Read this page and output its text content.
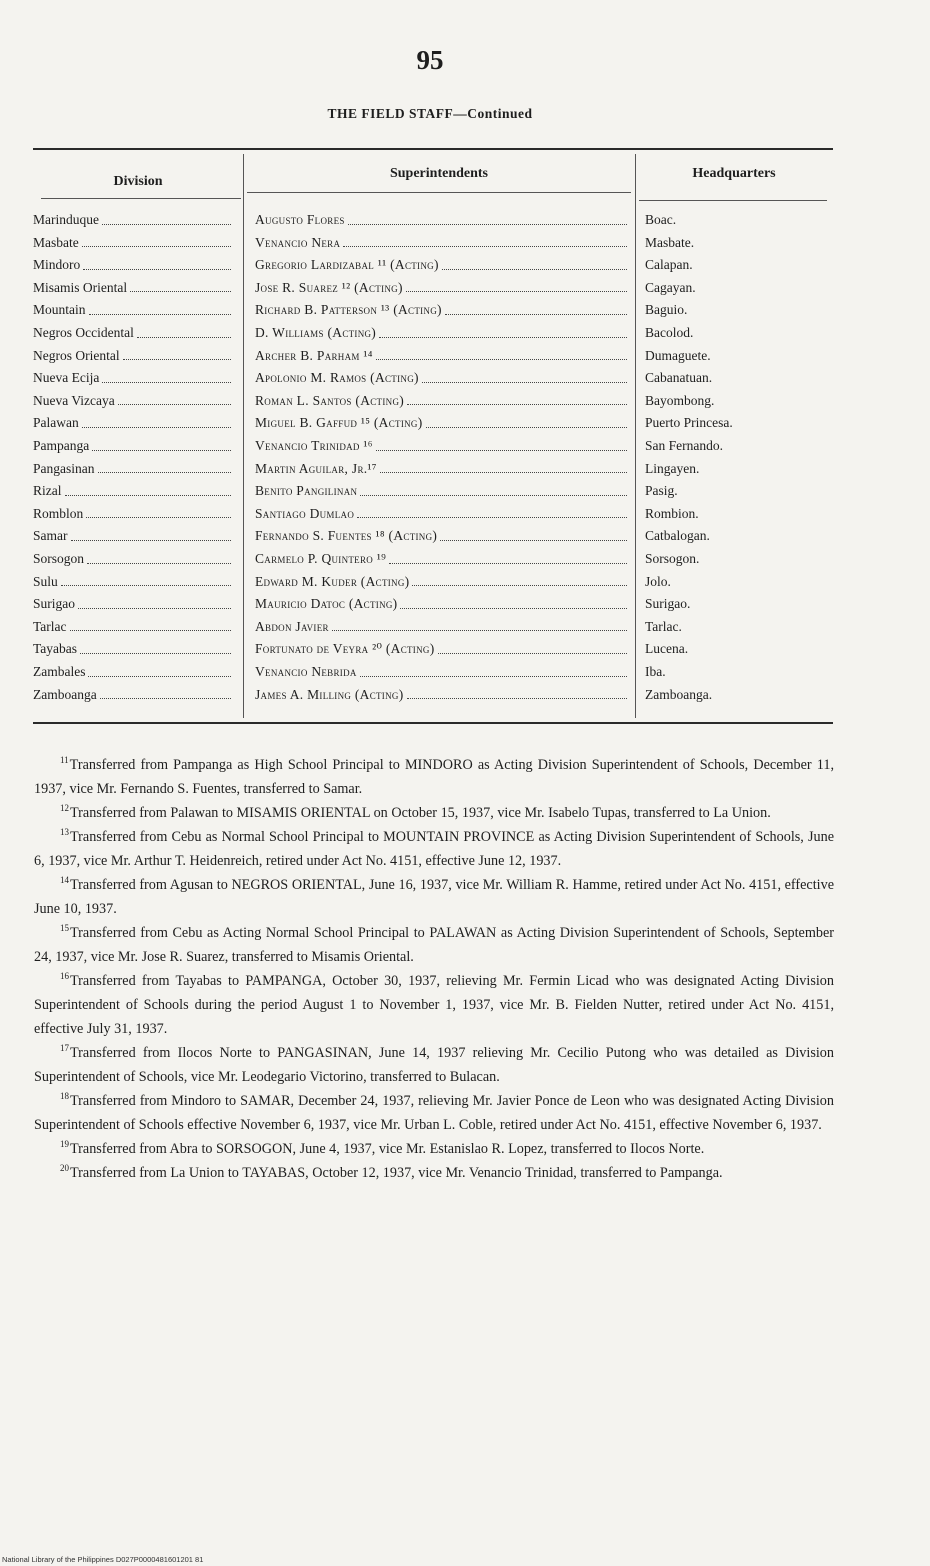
95
THE FIELD STAFF—Continued
Division
Superintendents	Headquarters
Marinduque	Augusto Flores	Boac.
Masbate	Venancio Nera	Masbate.
Mindoro	Gregorio Lardizabal ¹¹ (Acting)	Calapan.
Misamis Oriental	Jose R. Suarez ¹² (Acting)	Cagayan.
Mountain	Richard B. Patterson ¹³ (Acting)	Baguio.
Negros Occidental	D. Williams (Acting)	Bacolod.
Negros Oriental	Archer B. Parham ¹⁴	Dumaguete.
Nueva Ecija	Apolonio M. Ramos (Acting)	Cabanatuan.
Nueva Vizcaya	Roman L. Santos (Acting)	Bayombong.
Palawan	Miguel B. Gaffud ¹⁵ (Acting)	Puerto Princesa.
Pampanga	Venancio Trinidad ¹⁶	San Fernando.
Pangasinan	Martin Aguilar, Jr.¹⁷	Lingayen.
Rizal	Benito Pangilinan	Pasig.
Romblon	Santiago Dumlao	Rombion.
Samar	Fernando S. Fuentes ¹⁸ (Acting)	Catbalogan.
Sorsogon	Carmelo P. Quintero ¹⁹	Sorsogon.
Sulu	Edward M. Kuder (Acting)	Jolo.
Surigao	Mauricio Datoc (Acting)	Surigao.
Tarlac	Abdon Javier	Tarlac.
Tayabas	Fortunato de Veyra ²⁰ (Acting)	Lucena.
Zambales	Venancio Nebrida	Iba.
Zamboanga	James A. Milling (Acting)	Zamboanga.

$^{11}$Transferred from Pampanga as High School Principal to MINDORO as Acting Division Superintendent of Schools, December 11, 1937, vice Mr. Fernando S. Fuentes, transferred to Samar.

$^{12}$Transferred from Palawan to MISAMIS ORIENTAL on October 15, 1937, vice Mr. Isabelo Tupas, transferred to La Union.

$^{13}$Transferred from Cebu as Normal School Principal to MOUNTAIN PROVINCE as Acting Division Superintendent of Schools, June 6, 1937, vice Mr. Arthur T. Heidenreich, retired under Act No. 4151, effective June 12, 1937.

$^{14}$Transferred from Agusan to NEGROS ORIENTAL, June 16, 1937, vice Mr. William R. Hamme, retired under Act No. 4151, effective June 10, 1937.

$^{15}$Transferred from Cebu as Acting Normal School Principal to PALAWAN as Acting Division Superintendent of Schools, September 24, 1937, vice Mr. Jose R. Suarez, transferred to Misamis Oriental.

$^{16}$Transferred from Tayabas to PAMPANGA, October 30, 1937, relieving Mr. Fermin Licad who was designated Acting Division Superintendent of Schools during the period August 1 to November 1, 1937, vice Mr. B. Fielden Nutter, retired under Act No. 4151, effective July 31, 1937.

$^{17}$Transferred from Ilocos Norte to PANGASINAN, June 14, 1937 relieving Mr. Cecilio Putong who was detailed as Division Superintendent of Schools, vice Mr. Leodegario Victorino, transferred to Bulacan.

$^{18}$Transferred from Mindoro to SAMAR, December 24, 1937, relieving Mr. Javier Ponce de Leon who was designated Acting Division Superintendent of Schools effective November 6, 1937, vice Mr. Urban L. Coble, retired under Act No. 4151, effective November 6, 1937.

$^{19}$Transferred from Abra to SORSOGON, June 4, 1937, vice Mr. Estanislao R. Lopez, transferred to Ilocos Norte.

$^{20}$Transferred from La Union to TAYABAS, October 12, 1937, vice Mr. Venancio Trinidad, transferred to Pampanga.

National Library of the Philippines D027P0000481601201 81
